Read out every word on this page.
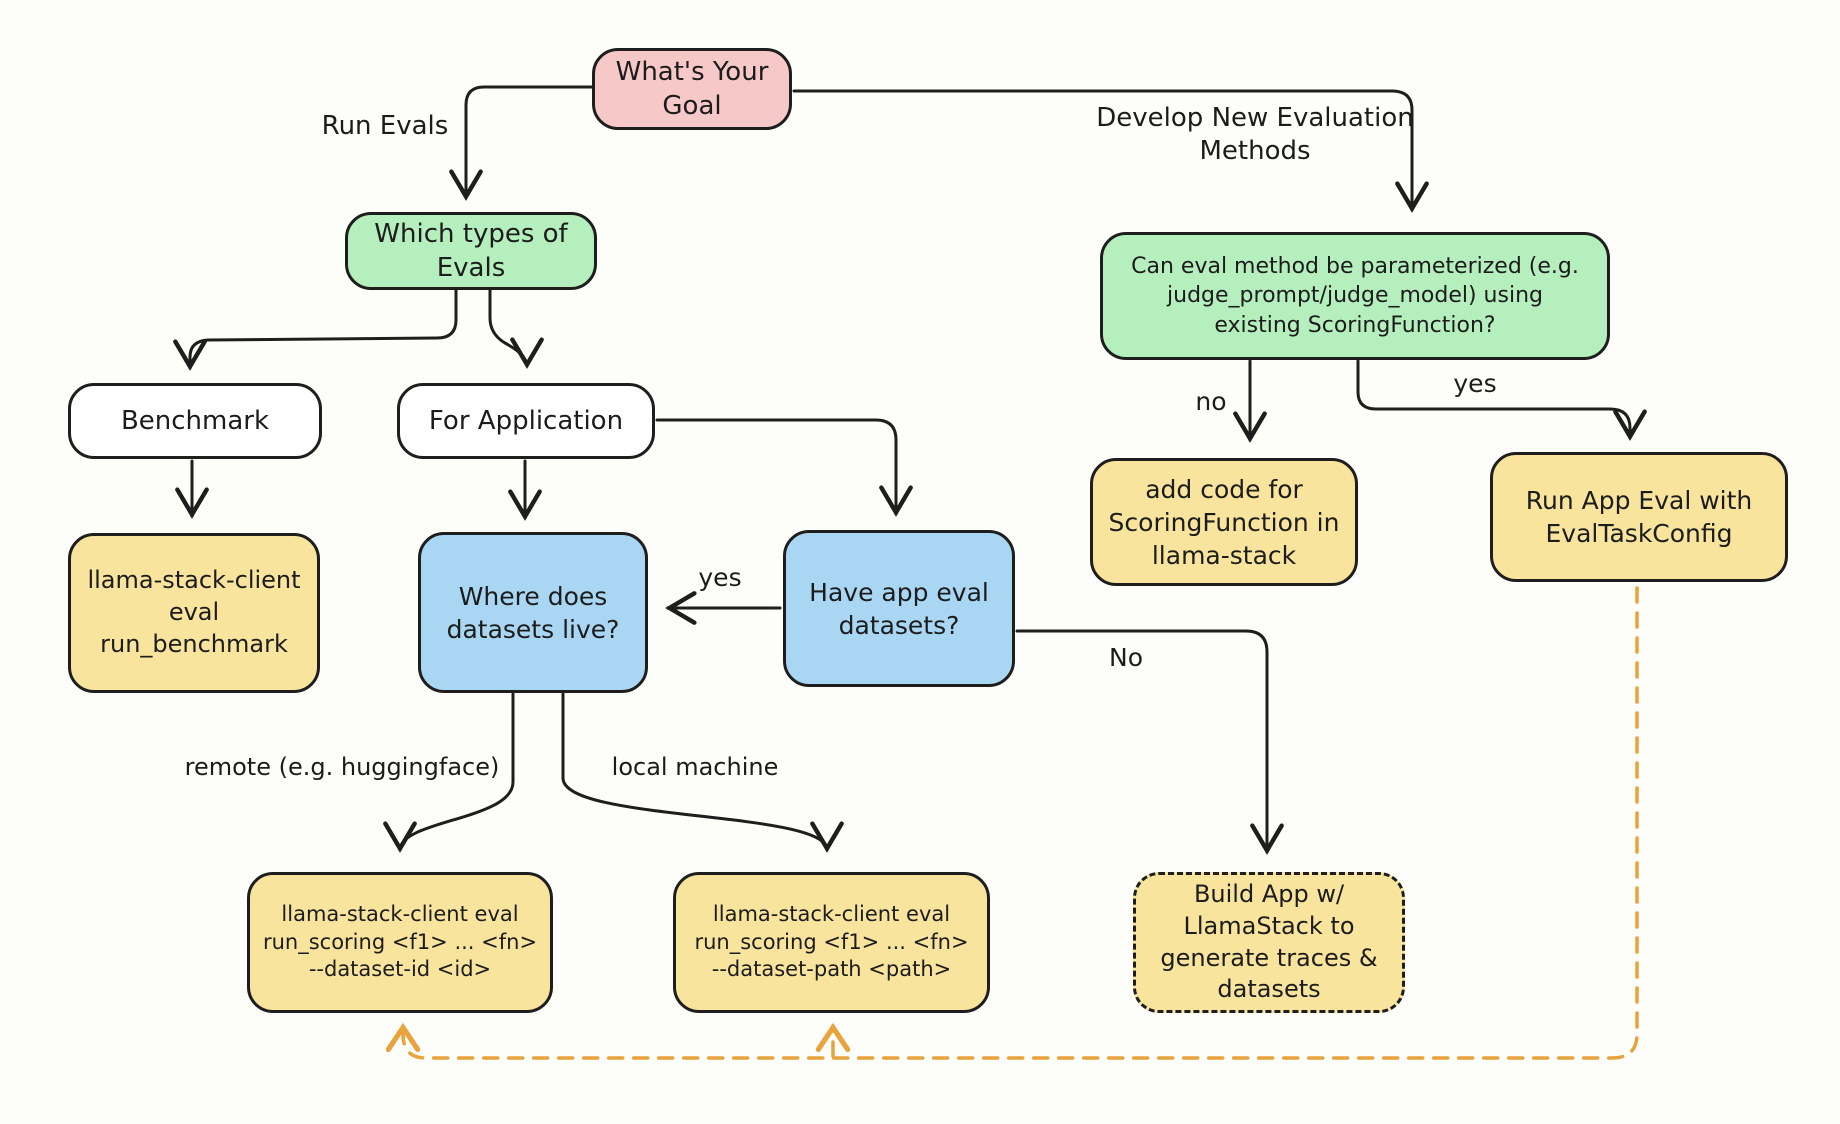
What's Your
Goal
Which types of
Evals
Benchmark	For Application
llama-stack-client
eval run_benchmark
Where does
datasets live?
Have app eval
datasets?
Can eval method be parameterized (e.g.
judge_prompt/judge_model) using
existing ScoringFunction?
add code for
ScoringFunction in
llama-stack
Run App Eval with
EvalTaskConfig
llama-stack-client eval
run_scoring <f1> ... <fn>
--dataset-id <id>
llama-stack-client eval
run_scoring <f1> ... <fn>
--dataset-path <path>
Build App w/
LlamaStack to
generate traces &
datasets
Run Evals	Develop New Evaluation Methods
no
yes
yes
No
remote (e.g. huggingface)	local machine
